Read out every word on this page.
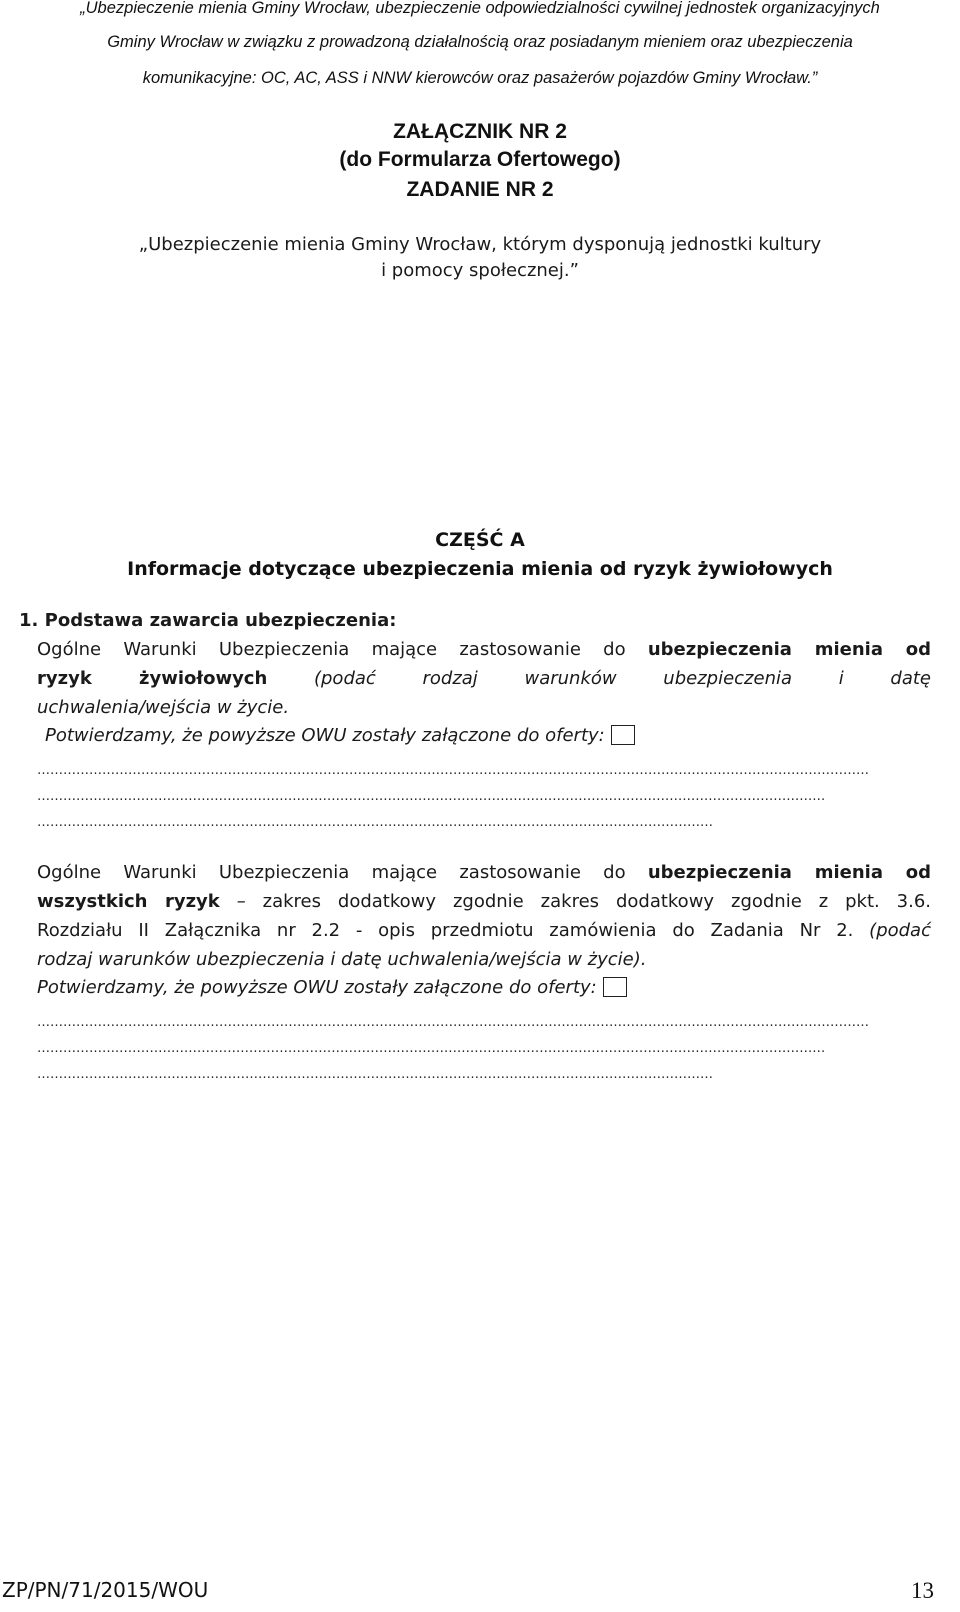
„Ubezpieczenie mienia Gminy Wrocław, ubezpieczenie odpowiedzialności cywilnej jednostek organizacyjnych
Gminy Wrocław w związku z prowadzoną działalnością oraz posiadanym mieniem oraz ubezpieczenia
komunikacyjne: OC, AC, ASS i NNW kierowców oraz pasażerów pojazdów Gminy Wrocław.”
ZAŁĄCZNIK NR 2
(do Formularza Ofertowego)
ZADANIE NR 2
„Ubezpieczenie mienia Gminy Wrocław, którym dysponują jednostki kultury
i pomocy społecznej.”
CZĘŚĆ A
Informacje dotyczące ubezpieczenia mienia od ryzyk żywiołowych
1. Podstawa zawarcia ubezpieczenia:
Ogólne Warunki Ubezpieczenia mające zastosowanie do ubezpieczenia mienia od
ryzyk żywiołowych (podać rodzaj warunków ubezpieczenia i datę
uchwalenia/wejścia w życie.
Potwierdzamy, że powyższe OWU zostały załączone do oferty:
…………………………………………………………………………………………………………………………………………………………………………
……………….………….……………………………………………………………………………………………………………………………………
…………………………………………………………………………………………………………………………………………
Ogólne Warunki Ubezpieczenia mające zastosowanie do ubezpieczenia mienia od
wszystkich ryzyk – zakres dodatkowy zgodnie zakres dodatkowy zgodnie z pkt. 3.6.
Rozdziału II Załącznika nr 2.2 - opis przedmiotu zamówienia do Zadania Nr 2. (podać
rodzaj warunków ubezpieczenia i datę uchwalenia/wejścia w życie).
Potwierdzamy, że powyższe OWU zostały załączone do oferty:
…………………………………………………………………………………………………………………………………………………………………………
……………….………….……………………………………………………………………………………………………………………………………
…………………………………………………………………………………………………………………………………………
ZP/PN/71/2015/WOU	13
